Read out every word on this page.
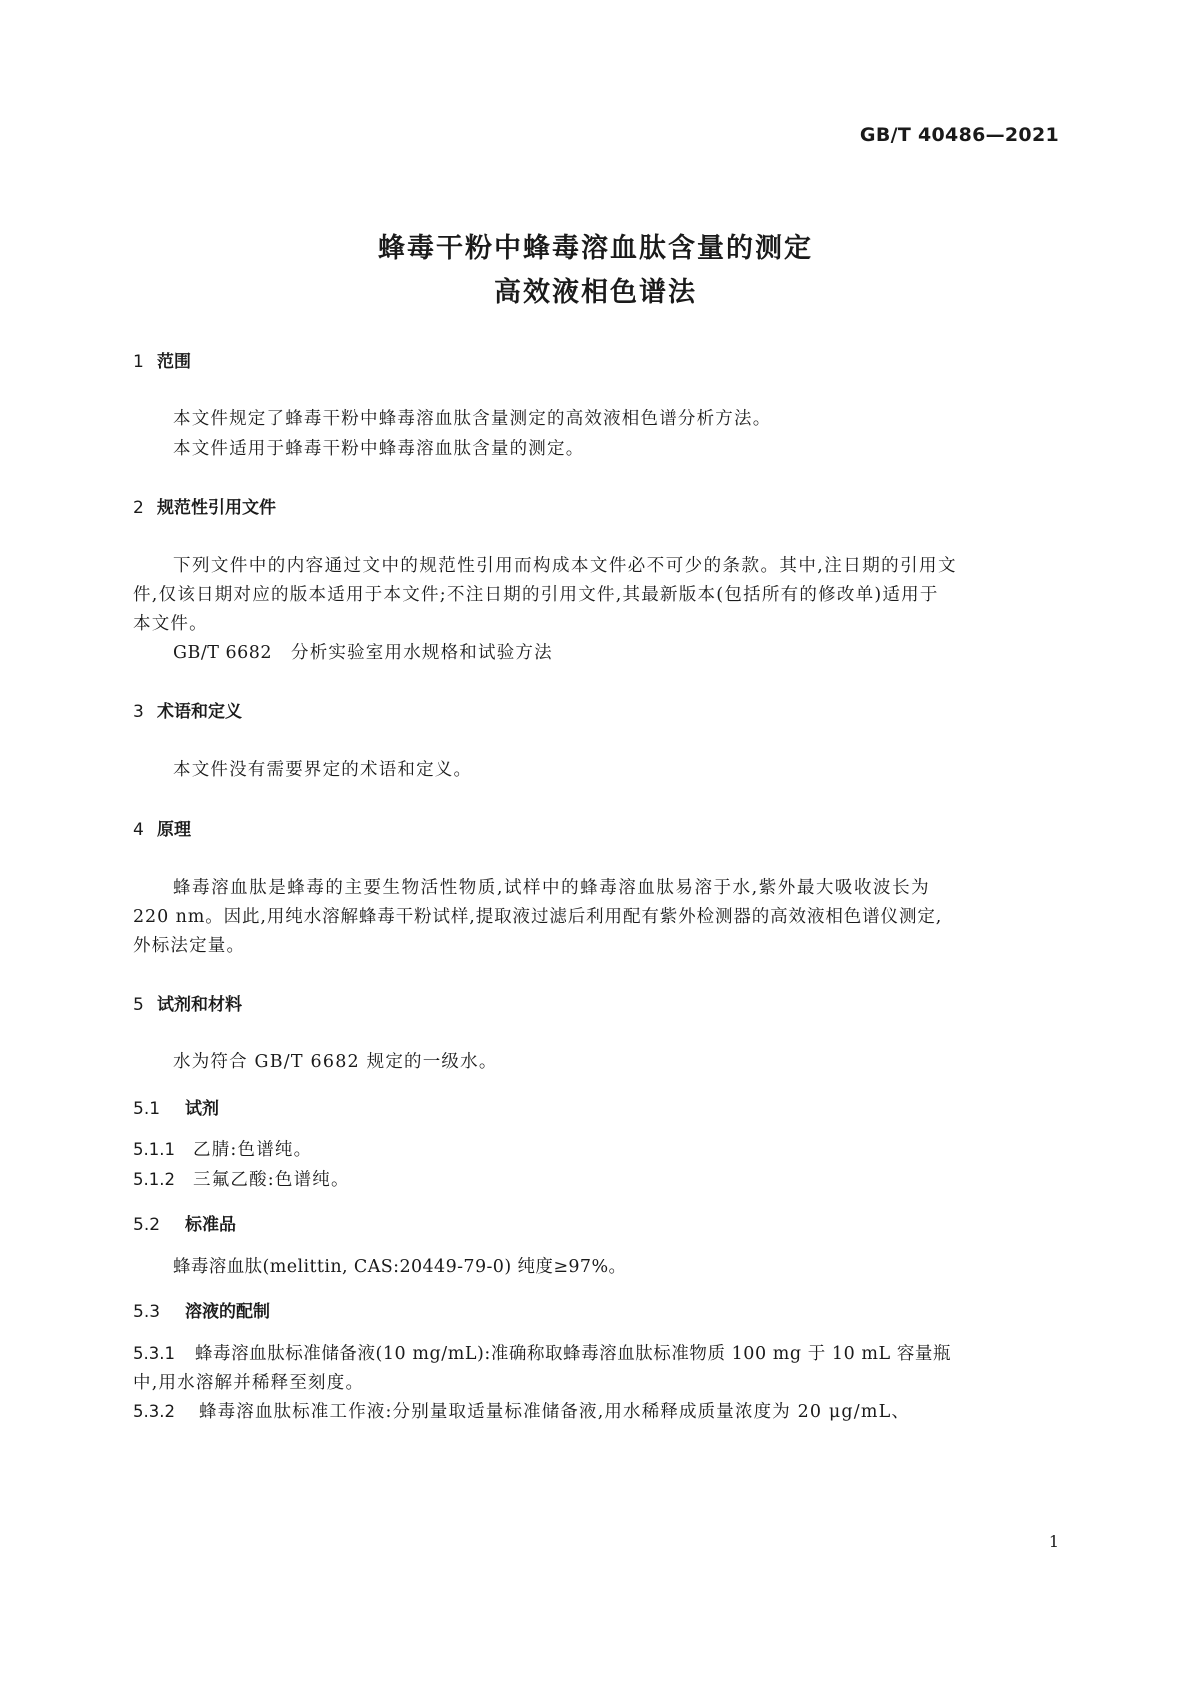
GB/T 40486—2021
蜂毒干粉中蜂毒溶血肽含量的测定
高效液相色谱法
1 范围
本文件规定了蜂毒干粉中蜂毒溶血肽含量测定的高效液相色谱分析方法。
本文件适用于蜂毒干粉中蜂毒溶血肽含量的测定。
2 规范性引用文件
下列文件中的内容通过文中的规范性引用而构成本文件必不可少的条款。其中,注日期的引用文
件,仅该日期对应的版本适用于本文件;不注日期的引用文件,其最新版本(包括所有的修改单)适用于
本文件。
GB/T 6682 分析实验室用水规格和试验方法
3 术语和定义
本文件没有需要界定的术语和定义。
4 原理
蜂毒溶血肽是蜂毒的主要生物活性物质,试样中的蜂毒溶血肽易溶于水,紫外最大吸收波长为
220 nm。因此,用纯水溶解蜂毒干粉试样,提取液过滤后利用配有紫外检测器的高效液相色谱仪测定,
外标法定量。
5 试剂和材料
水为符合 GB/T 6682 规定的一级水。
5.1 试剂
5.1.1 乙腈:色谱纯。
5.1.2 三氟乙酸:色谱纯。
5.2 标准品
蜂毒溶血肽(melittin, CAS:20449-79-0) 纯度≥97%。
5.3 溶液的配制
5.3.1 蜂毒溶血肽标准储备液(10 mg/mL):准确称取蜂毒溶血肽标准物质 100 mg 于 10 mL 容量瓶
中,用水溶解并稀释至刻度。
5.3.2 蜂毒溶血肽标准工作液:分别量取适量标准储备液,用水稀释成质量浓度为 20 μg/mL、
1
